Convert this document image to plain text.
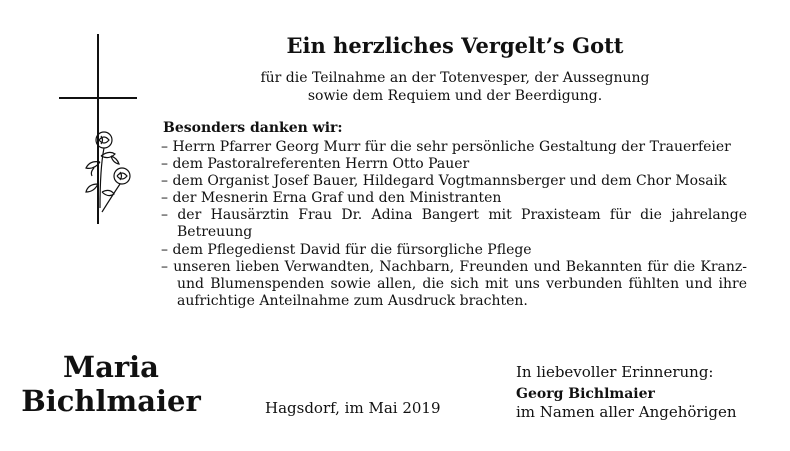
Ein herzliches Vergelt’s Gott
für die Teilnahme an der Totenvesper, der Aussegnung
sowie dem Requiem und der Beerdigung.
Besonders danken wir:
– Herrn Pfarrer Georg Murr für die sehr persönliche Gestaltung der Trauerfeier
– dem Pastoralreferenten Herrn Otto Pauer
– dem Organist Josef Bauer, Hildegard Vogtmannsberger und dem Chor Mosaik
– der Mesnerin Erna Graf und den Ministranten
– der Hausärztin Frau Dr. Adina Bangert mit Praxisteam für die jahrelange Betreuung
– dem Pflegedienst David für die fürsorgliche Pflege
– unseren lieben Verwandten, Nachbarn, Freunden und Bekannten für die Kranz- und Blumenspenden sowie allen, die sich mit uns verbunden fühlten und ihre aufrichtige Anteilnahme zum Ausdruck brachten.
Maria
Bichlmaier	Hagsdorf, im Mai 2019
In liebevoller Erinnerung:
Georg Bichlmaier
im Namen aller Angehörigen
